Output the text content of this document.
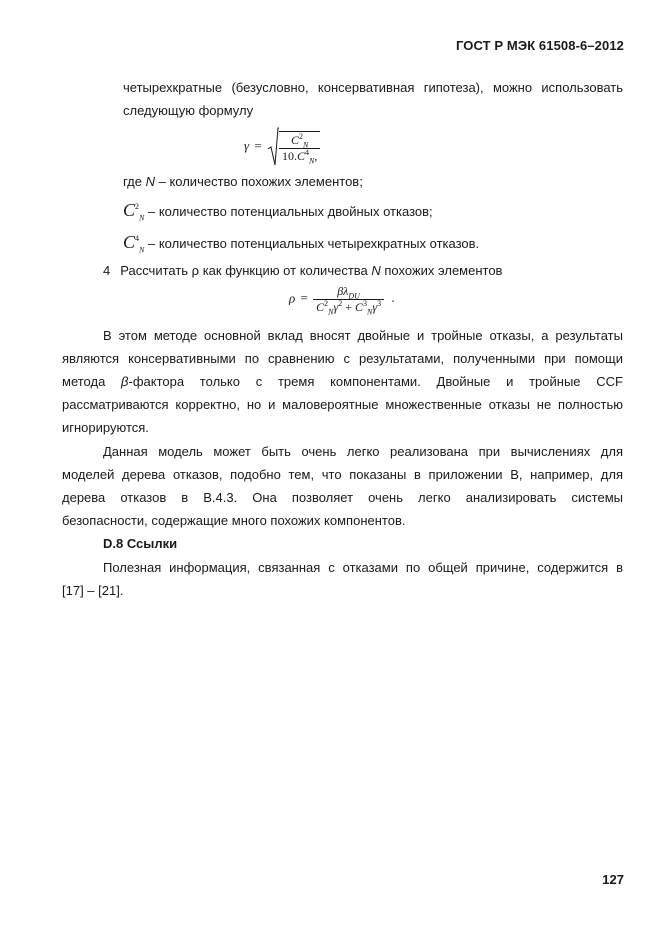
ГОСТ Р МЭК 61508-6–2012
четырехкратные (безусловно, консервативная гипотеза), можно использовать
следующую формулу
$\gamma = \frac{C^2_N}{10.C^4_N,}$
где N – количество похожих элементов;
$C^2_N$ – количество потенциальных двойных отказов;
$C^4_N$ – количество потенциальных четырехкратных отказов.
4 Рассчитать ρ как функцию от количества N похожих элементов
$\rho = \frac{\beta\lambda_{DU}}{C^2_N\gamma^2 + C^3_N\gamma^3}$ .
В этом методе основной вклад вносят двойные и тройные отказы, а результаты
являются консервативными по сравнению с результатами, полученными при помощи
метода β-фактора только с тремя компонентами. Двойные и тройные CCF
рассматриваются корректно, но и маловероятные множественные отказы не полностью
игнорируются.
Данная модель может быть очень легко реализована при вычислениях для
моделей дерева отказов, подобно тем, что показаны в приложении В, например, для
дерева отказов в В.4.3. Она позволяет очень легко анализировать системы
безопасности, содержащие много похожих компонентов.
D.8 Ссылки
Полезная информация, связанная с отказами по общей причине, содержится в
[17] – [21].
127
